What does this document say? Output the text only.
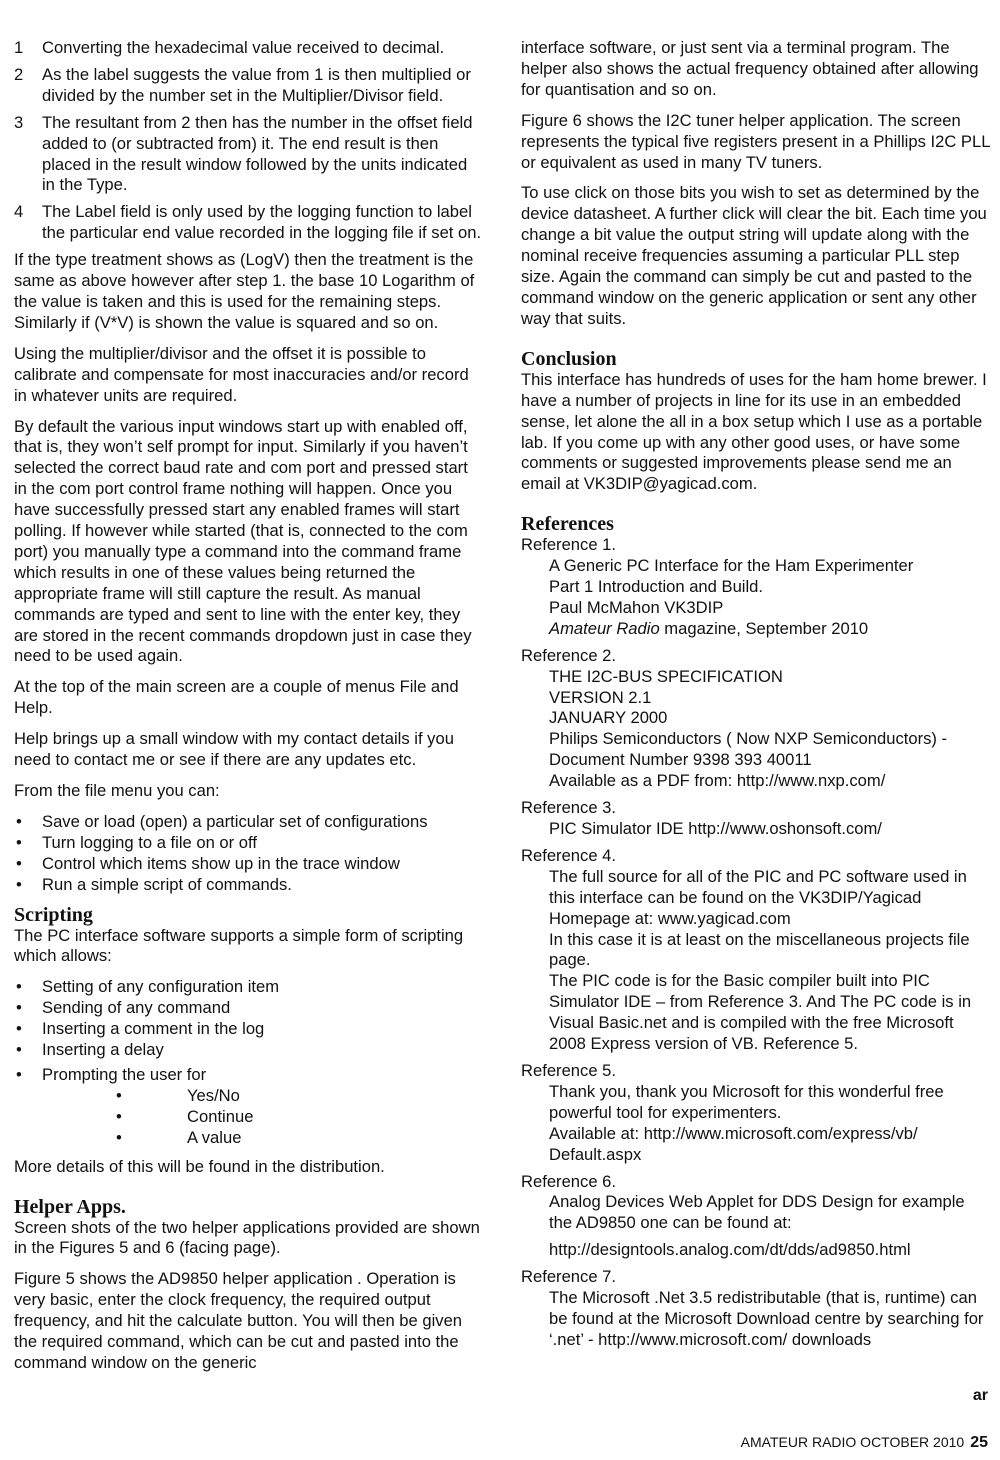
1	Converting the hexadecimal value received to decimal.
2	As the label suggests the value from 1 is then multiplied or divided by the number set in the Multiplier/Divisor field.
3	The resultant from 2 then has the number in the offset field added to (or subtracted from) it. The end result is then placed in the result window followed by the units indicated in the Type.
4	The Label field is only used by the logging function to label the particular end value recorded in the logging file if set on.

If the type treatment shows as (LogV) then the treatment is the same as above however after step 1. the base 10 Logarithm of the value is taken and this is used for the remaining steps. Similarly if (V*V) is shown the value is squared and so on.

Using the multiplier/divisor and the offset it is possible to calibrate and compensate for most inaccuracies and/or record in whatever units are required.

By default the various input windows start up with enabled off, that is, they won’t self prompt for input. Similarly if you haven’t selected the correct baud rate and com port and pressed start in the com port control frame nothing will happen. Once you have successfully pressed start any enabled frames will start polling. If however while started (that is, connected to the com port) you manually type a command into the command frame which results in one of these values being returned the appropriate frame will still capture the result. As manual commands are typed and sent to line with the enter key, they are stored in the recent commands dropdown just in case they need to be used again.

At the top of the main screen are a couple of menus File and Help.

Help brings up a small window with my contact details if you need to contact me or see if there are any updates etc.

From the file menu you can:

• Save or load (open) a particular set of configurations
• Turn logging to a file on or off
• Control which items show up in the trace window
• Run a simple script of commands.
Scripting

The PC interface software supports a simple form of scripting which allows:

• Setting of any configuration item
• Sending of any command
• Inserting a comment in the log
• Inserting a delay
• Prompting the user for
• Yes/No
• Continue
• A value

More details of this will be found in the distribution.

Helper Apps.

Screen shots of the two helper applications provided are shown in the Figures 5 and 6 (facing page).

Figure 5 shows the AD9850 helper application . Operation is very basic, enter the clock frequency, the required output frequency, and hit the calculate button. You will then be given the required command, which can be cut and pasted into the command window on the generic

interface software, or just sent via a terminal program. The helper also shows the actual frequency obtained after allowing for quantisation and so on.

Figure 6 shows the I2C tuner helper application. The screen represents the typical five registers present in a Phillips I2C PLL or equivalent as used in many TV tuners.

To use click on those bits you wish to set as determined by the device datasheet. A further click will clear the bit. Each time you change a bit value the output string will update along with the nominal receive frequencies assuming a particular PLL step size. Again the command can simply be cut and pasted to the command window on the generic application or sent any other way that suits.

Conclusion

This interface has hundreds of uses for the ham home brewer. I have a number of projects in line for its use in an embedded sense, let alone the all in a box setup which I use as a portable lab. If you come up with any other good uses, or have some comments or suggested improvements please send me an email at VK3DIP@yagicad.com.

References
Reference 1.
A Generic PC Interface for the Ham Experimenter
Part 1 Introduction and Build.
Paul McMahon VK3DIP
Amateur Radio magazine, September 2010
Reference 2.
THE I2C-BUS SPECIFICATION
VERSION 2.1
JANUARY 2000
Philips Semiconductors ( Now NXP Semiconductors) - Document Number 9398 393 40011
Available as a PDF from: http://www.nxp.com/
Reference 3.
PIC Simulator IDE http://www.oshonsoft.com/
Reference 4.
The full source for all of the PIC and PC software used in this interface can be found on the VK3DIP/Yagicad Homepage at: www.yagicad.com
In this case it is at least on the miscellaneous projects file page.
The PIC code is for the Basic compiler built into PIC Simulator IDE – from Reference 3. And The PC code is in Visual Basic.net and is compiled with the free Microsoft 2008 Express version of VB. Reference 5.
Reference 5.
Thank you, thank you Microsoft for this wonderful free powerful tool for experimenters.
Available at: http://www.microsoft.com/express/vb/ Default.aspx
Reference 6.
Analog Devices Web Applet for DDS Design for example the AD9850 one can be found at:
http://designtools.analog.com/dt/dds/ad9850.html
Reference 7.
The Microsoft .Net 3.5 redistributable (that is, runtime) can be found at the Microsoft Download centre by searching for ‘.net’ - http://www.microsoft.com/ downloads
ar
AMATEUR RADIO OCTOBER 2010 25
